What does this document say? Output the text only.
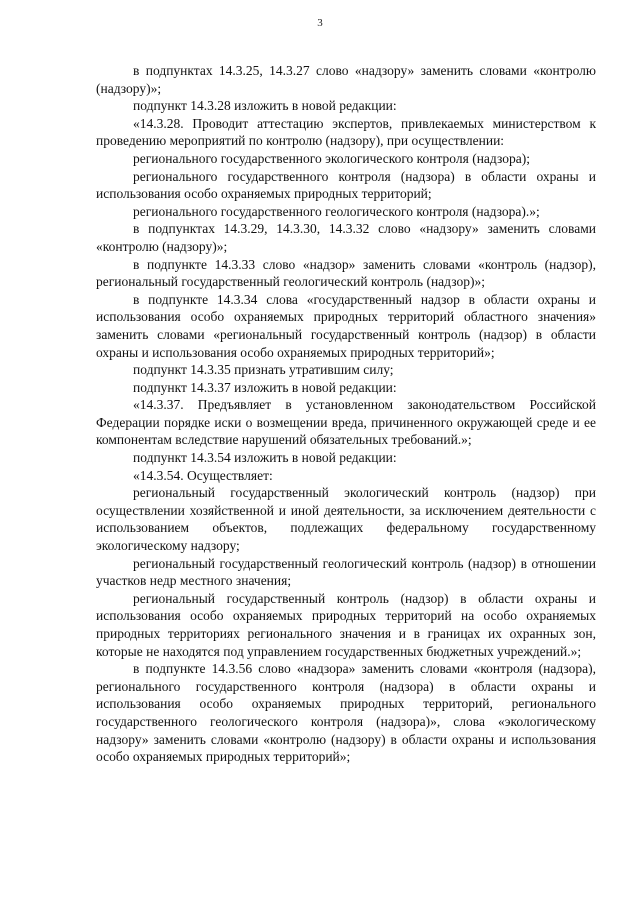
3

в подпунктах 14.3.25, 14.3.27 слово «надзору» заменить словами «контролю (надзору)»;

подпункт 14.3.28 изложить в новой редакции:

«14.3.28. Проводит аттестацию экспертов, привлекаемых министерством к проведению мероприятий по контролю (надзору), при осуществлении:

регионального государственного экологического контроля (надзора);

регионального государственного контроля (надзора) в области охраны и использования особо охраняемых природных территорий;

регионального государственного геологического контроля (надзора).»;

в подпунктах 14.3.29, 14.3.30, 14.3.32 слово «надзору» заменить словами «контролю (надзору)»;

в подпункте 14.3.33 слово «надзор» заменить словами «контроль (надзор), региональный государственный геологический контроль (надзор)»;

в подпункте 14.3.34 слова «государственный надзор в области охраны и использования особо охраняемых природных территорий областного значения» заменить словами «региональный государственный контроль (надзор) в области охраны и использования особо охраняемых природных территорий»;

подпункт 14.3.35 признать утратившим силу;

подпункт 14.3.37 изложить в новой редакции:

«14.3.37. Предъявляет в установленном законодательством Российской Федерации порядке иски о возмещении вреда, причиненного окружающей среде и ее компонентам вследствие нарушений обязательных требований.»;

подпункт 14.3.54 изложить в новой редакции:

«14.3.54. Осуществляет:

региональный государственный экологический контроль (надзор) при осуществлении хозяйственной и иной деятельности, за исключением деятельности с использованием объектов, подлежащих федеральному государственному экологическому надзору;

региональный государственный геологический контроль (надзор) в отношении участков недр местного значения;

региональный государственный контроль (надзор) в области охраны и использования особо охраняемых природных территорий на особо охраняемых природных территориях регионального значения и в границах их охранных зон, которые не находятся под управлением государственных бюджетных учреждений.»;

в подпункте 14.3.56 слово «надзора» заменить словами «контроля (надзора), регионального государственного контроля (надзора) в области охраны и использования особо охраняемых природных территорий, регионального государственного геологического контроля (надзора)», слова «экологическому надзору» заменить словами «контролю (надзору) в области охраны и использования особо охраняемых природных территорий»;
